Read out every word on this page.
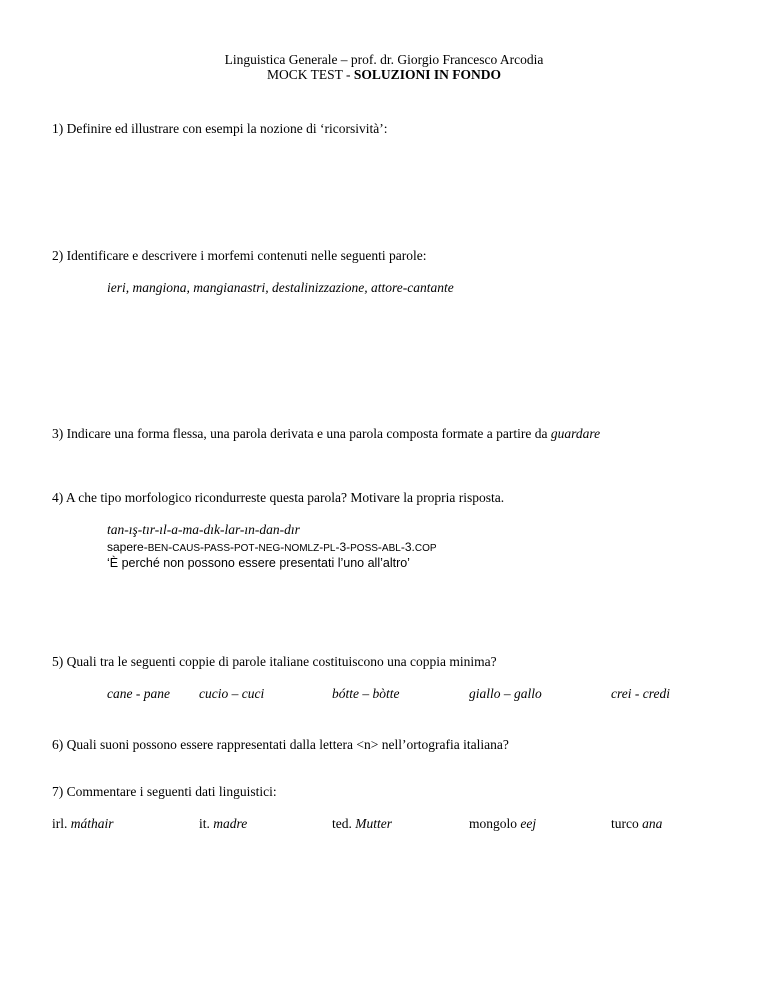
Linguistica Generale – prof. dr. Giorgio Francesco Arcodia
MOCK TEST - SOLUZIONI IN FONDO
1) Definire ed illustrare con esempi la nozione di ‘ricorsività’:
2) Identificare e descrivere i morfemi contenuti nelle seguenti parole:
ieri, mangiona, mangianastri, destalinizzazione, attore-cantante
3) Indicare una forma flessa, una parola derivata e una parola composta formate a partire da guardare
4) A che tipo morfologico ricondurreste questa parola? Motivare la propria risposta.
tan-ış-tır-ıl-a-ma-dık-lar-ın-dan-dır
sapere-BEN-CAUS-PASS-POT-NEG-NOMLZ-PL-3-POSS-ABL-3.COP
‘È perché non possono essere presentati l’uno all’altro’
5) Quali tra le seguenti coppie di parole italiane costituiscono una coppia minima?
cane - pane cucio – cuci	bótte – bòtte	giallo – gallo	crei - credi
6) Quali suoni possono essere rappresentati dalla lettera <n> nell’ortografia italiana?
7) Commentare i seguenti dati linguistici:
irl. máthair	it. madre	ted. Mutter	mongolo eej	turco ana
